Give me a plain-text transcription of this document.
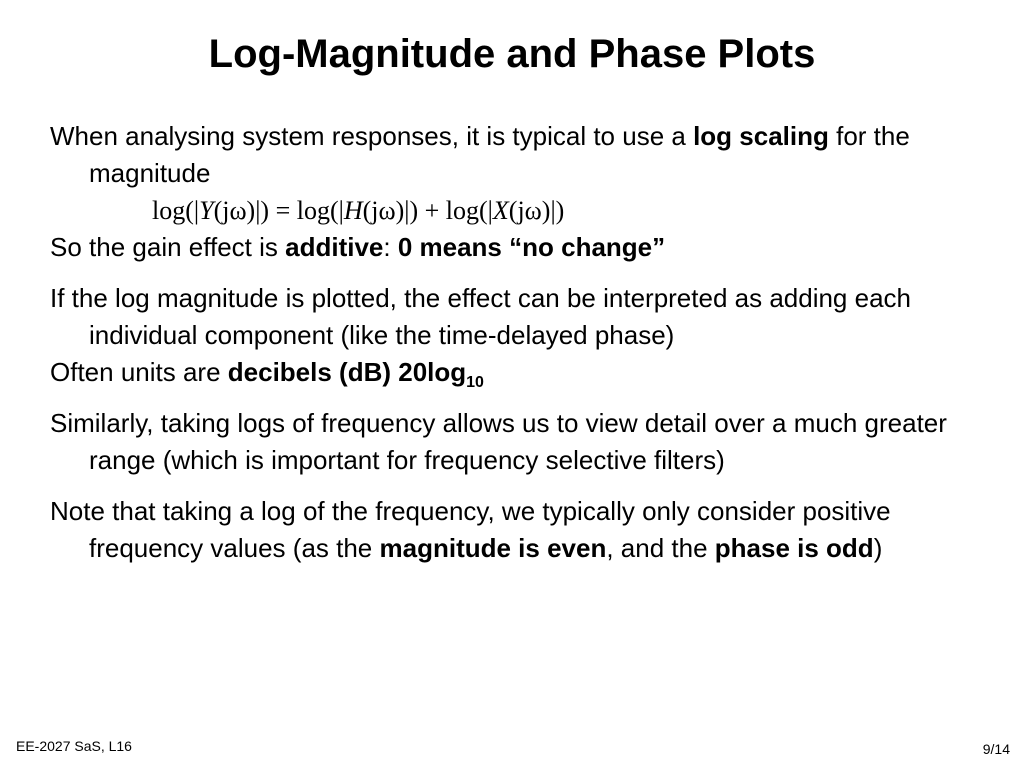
Log-Magnitude and Phase Plots

When analysing system responses, it is typical to use a log scaling for the magnitude

log(|Y(jω)|) = log(|H(jω)|) + log(|X(jω)|)

So the gain effect is additive: 0 means “no change”

If the log magnitude is plotted, the effect can be interpreted as adding each individual component (like the time-delayed phase)

Often units are decibels (dB) $20\log_{10}$

Similarly, taking logs of frequency allows us to view detail over a much greater range (which is important for frequency selective filters)

Note that taking a log of the frequency, we typically only consider positive frequency values (as the magnitude is even, and the phase is odd)

EE-2027 SaS, L16	9/14
